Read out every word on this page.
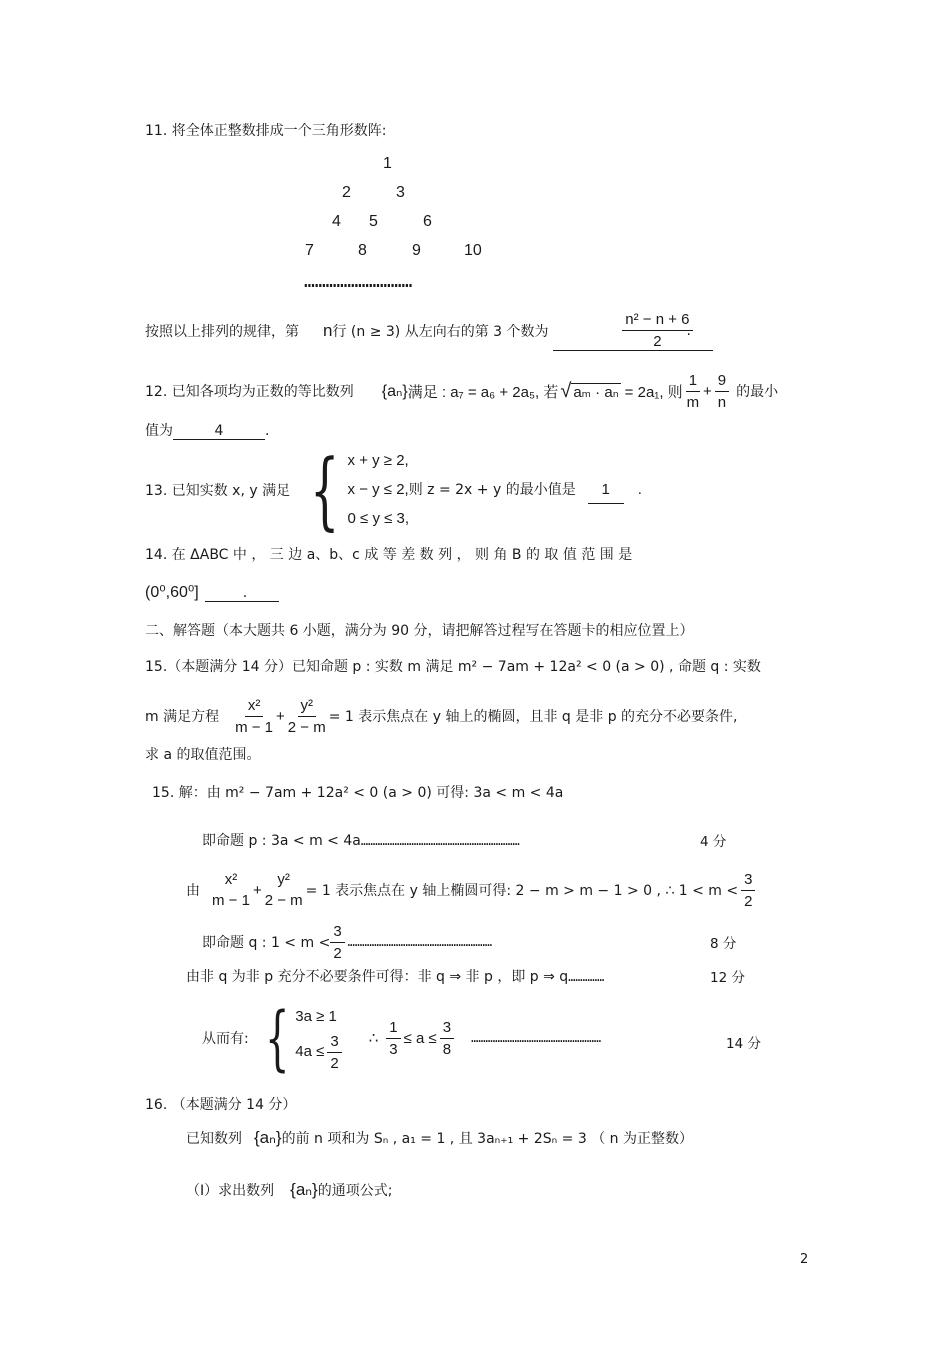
11. 将全体正整数排成一个三角形数阵:
1
2	3
4 5	6
7	8	9	10
…………………………
按照以上排列的规律，第 n 行 (n ≥ 3) 从左向右的第 3 个数为	$\frac{\text{n² − n + 6}}{2}$
.
12. 已知各项均为正数的等比数列 {aₙ} 满足 : a₇ = a₆ + 2a₅, 若 √ aₘ · aₙ = 2a₁, 则 $\frac{1}{m} + \frac{9}{n}$ 的最小
值为	4	.
13. 已知实数 x, y 满足 { x + y ≥ 2,
x − y ≤ 2,则 z = 2x + y 的最小值是 1 .
0 ≤ y ≤ 3,
14. 在 ΔABC 中 ， 三 边 a、b、c 成 等 差 数 列 ， 则 角 B 的 取 值 范 围 是
(0⁰,60⁰]	.

二、解答题（本大题共 6 小题，满分为 90 分，请把解答过程写在答题卡的相应位置上）
15.（本题满分 14 分）已知命题 p : 实数 m 满足 m² − 7am + 12a² < 0 (a > 0) , 命题 q : 实数
m 满足方程 $\frac{\text{x²}}{m - 1} + \frac{\text{y²}}{2 - m} = 1$ 表示焦点在 y 轴上的椭圆，且非 q 是非 p 的充分不必要条件,
求 a 的取值范围。
15. 解：由 m² − 7am + 12a² < 0 (a > 0) 可得: 3a < m < 4a
即命题 p : 3a < m < 4a…………………………………………………………	4 分
由
x²
m − 1
+
y²
2 − m
= 1 表示焦点在 y 轴上椭圆可得: 2 − m > m − 1 > 0 , ∴ $1 < m < \frac{3}{2}$
即命题 q : $1 < m < \frac{3}{2}$ ……………………………………………………	8 分
由非 q 为非 p 充分不必要条件可得：非 q ⇒ 非 p ，即 p ⇒ q……………	12 分
从而有: { 3a ≥ 1
$4a \le \frac{3}{2}$ ∴ $\frac{1}{3} \le a \le \frac{3}{8}$ ………………………………………………	14 分
16. （本题满分 14 分）
已知数列 {aₙ} 的前 n 项和为 Sₙ , a₁ = 1 , 且 3aₙ₊₁ + 2Sₙ = 3 （ n 为正整数）
（Ⅰ）求出数列 {aₙ} 的通项公式;
2
